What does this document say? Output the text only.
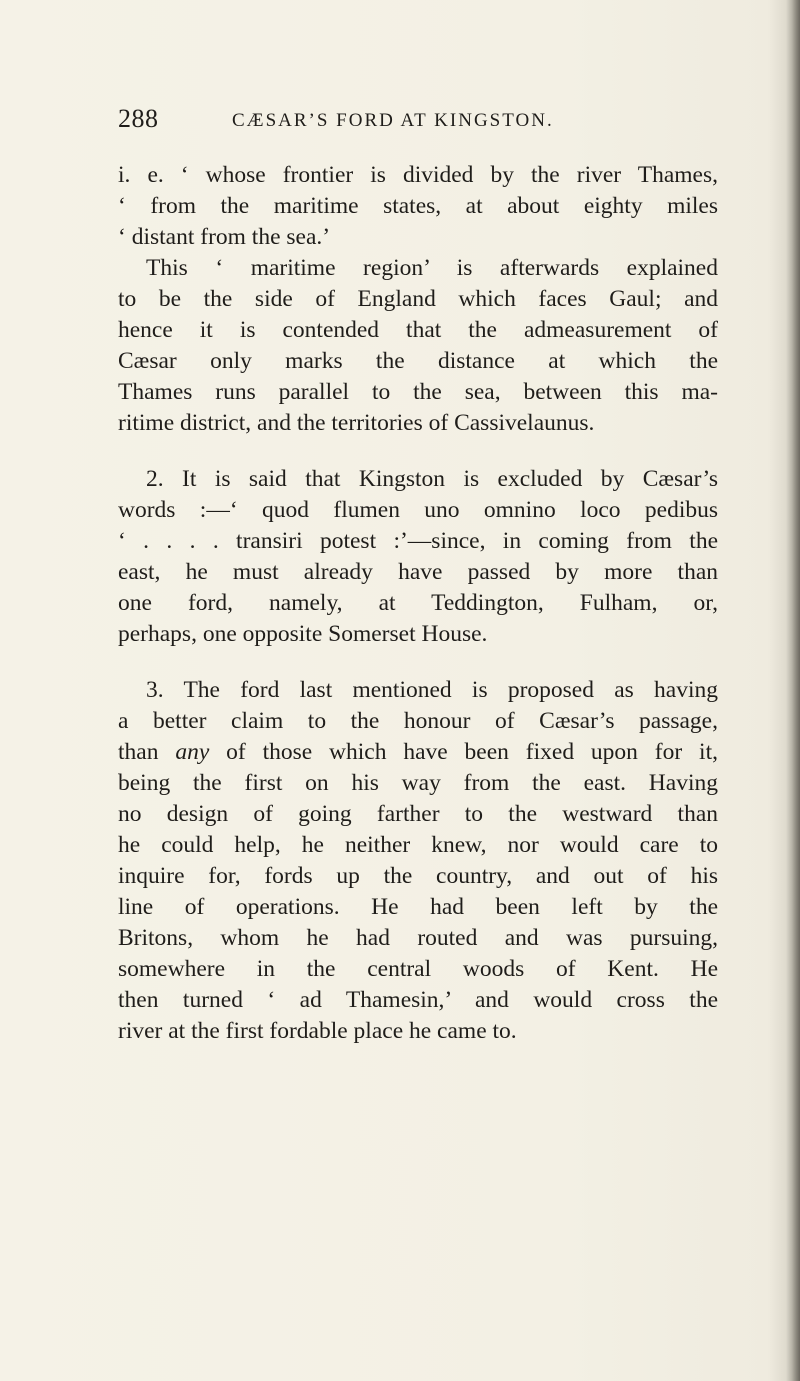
288	CÆSAR’S FORD AT KINGSTON.
i. e. ‘ whose frontier is divided by the river Thames,
‘ from the maritime states, at about eighty miles
‘ distant from the sea.’
This ‘ maritime region’ is afterwards explained
to be the side of England which faces Gaul; and
hence it is contended that the admeasurement of
Cæsar only marks the distance at which the
Thames runs parallel to the sea, between this ma-
ritime district, and the territories of Cassivelaunus.
2. It is said that Kingston is excluded by Cæsar’s
words :—‘ quod flumen uno omnino loco pedibus
‘ . . . . transiri potest :’—since, in coming from the
east, he must already have passed by more than
one ford, namely, at Teddington, Fulham, or,
perhaps, one opposite Somerset House.
3. The ford last mentioned is proposed as having
a better claim to the honour of Cæsar’s passage,
than any of those which have been fixed upon for it,
being the first on his way from the east. Having
no design of going farther to the westward than
he could help, he neither knew, nor would care to
inquire for, fords up the country, and out of his
line of operations. He had been left by the
Britons, whom he had routed and was pursuing,
somewhere in the central woods of Kent. He
then turned ‘ ad Thamesin,’ and would cross the
river at the first fordable place he came to.
